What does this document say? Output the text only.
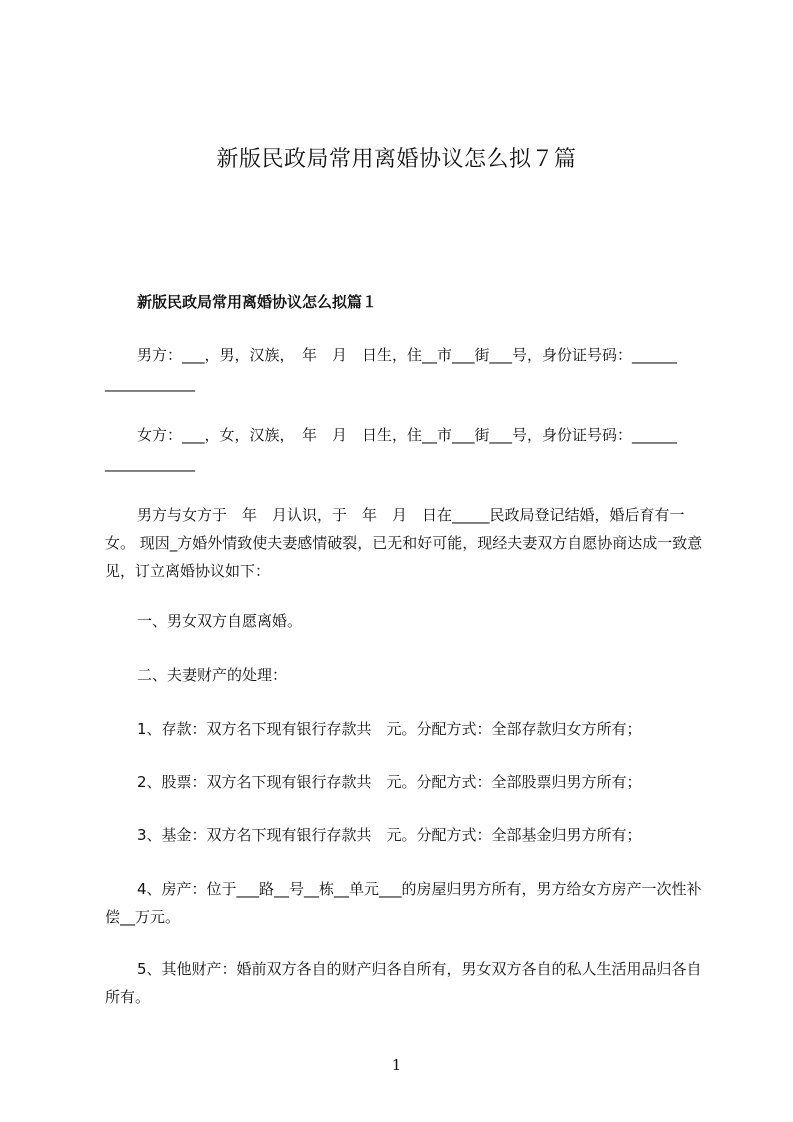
新版民政局常用离婚协议怎么拟７篇
新版民政局常用离婚协议怎么拟篇１
男方：___，男，汉族，　年　月　日生，住__市___街___号，身份证号码：______ ____________
女方：___，女，汉族，　年　月　日生，住__市___街___号，身份证号码：______ ____________
男方与女方于　年　月认识，于　年　月　日在_____民政局登记结婚，婚后育有一女。 现因_方婚外情致使夫妻感情破裂，已无和好可能，现经夫妻双方自愿协商达成一致意见，订立离婚协议如下：
一、男女双方自愿离婚。
二、夫妻财产的处理：
1、存款：双方名下现有银行存款共　元。分配方式：全部存款归女方所有；
2、股票：双方名下现有银行存款共　元。分配方式：全部股票归男方所有；
3、基金：双方名下现有银行存款共　元。分配方式：全部基金归男方所有；
4、房产：位于___路__号__栋__单元___的房屋归男方所有，男方给女方房产一次性补偿__万元。
5、其他财产：婚前双方各自的财产归各自所有，男女双方各自的私人生活用品归各自所有。
1
